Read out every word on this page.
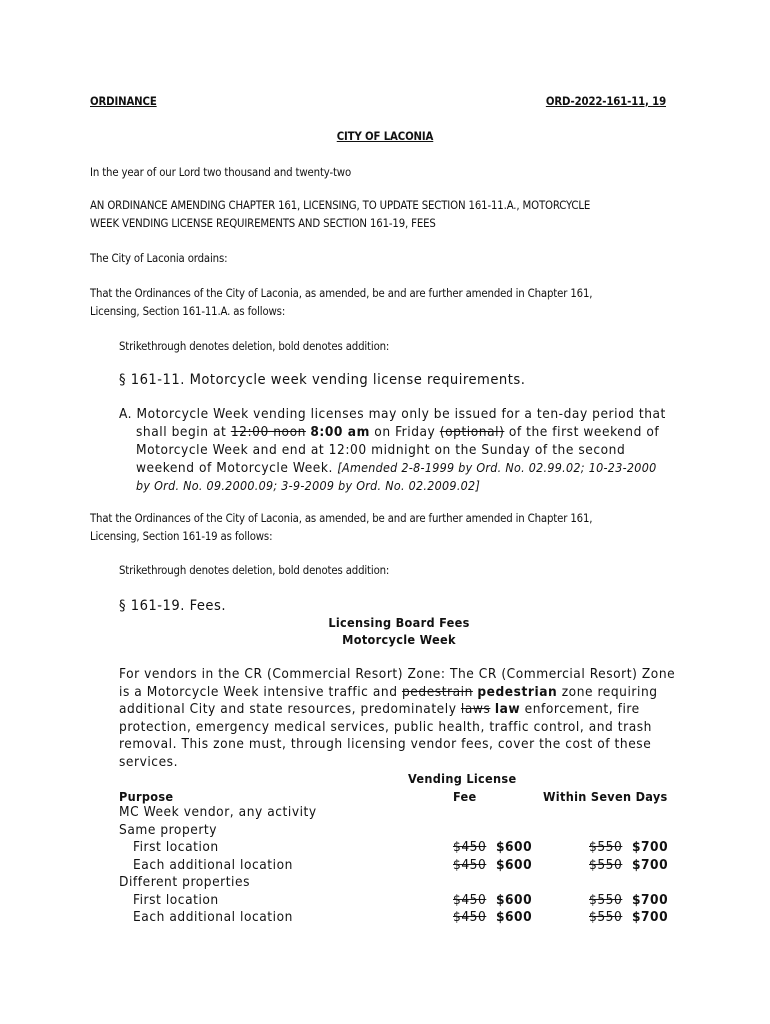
ORDINANCE	ORD-2022-161-11, 19
CITY OF LACONIA
In the year of our Lord two thousand and twenty-two
AN ORDINANCE AMENDING CHAPTER 161, LICENSING, TO UPDATE SECTION 161-11.A., MOTORCYCLE
WEEK VENDING LICENSE REQUIREMENTS AND SECTION 161-19, FEES
The City of Laconia ordains:
That the Ordinances of the City of Laconia, as amended, be and are further amended in Chapter 161,
Licensing, Section 161-11.A. as follows:
Strikethrough denotes deletion, bold denotes addition:
§ 161-11. Motorcycle week vending license requirements.
A. Motorcycle Week vending licenses may only be issued for a ten-day period that
shall begin at 12:00 noon 8:00 am on Friday (optional) of the first weekend of
Motorcycle Week and end at 12:00 midnight on the Sunday of the second
weekend of Motorcycle Week. [Amended 2-8-1999 by Ord. No. 02.99.02; 10-23-2000
by Ord. No. 09.2000.09; 3-9-2009 by Ord. No. 02.2009.02]
That the Ordinances of the City of Laconia, as amended, be and are further amended in Chapter 161,
Licensing, Section 161-19 as follows:
Strikethrough denotes deletion, bold denotes addition:
§ 161-19. Fees.
Licensing Board Fees
Motorcycle Week
For vendors in the CR (Commercial Resort) Zone: The CR (Commercial Resort) Zone
is a Motorcycle Week intensive traffic and pedestrain pedestrian zone requiring
additional City and state resources, predominately laws law enforcement, fire
protection, emergency medical services, public health, traffic control, and trash
removal. This zone must, through licensing vendor fees, cover the cost of these
services.
Vending License
Purpose	Fee	Within Seven Days
MC Week vendor, any activity
Same property
First location	$450 $600	$550 $700
Each additional location	$450 $600	$550 $700
Different properties
First location	$450 $600	$550 $700
Each additional location	$450 $600	$550 $700
